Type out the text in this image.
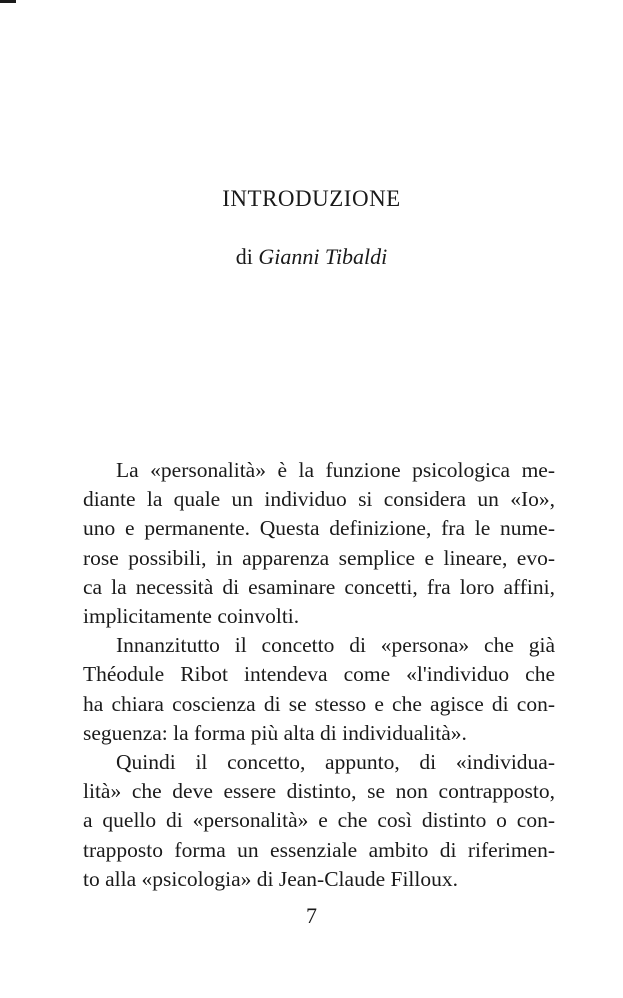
INTRODUZIONE
di Gianni Tibaldi
La «personalità» è la funzione psicologica me-
diante la quale un individuo si considera un «Io»,
uno e permanente. Questa definizione, fra le nume-
rose possibili, in apparenza semplice e lineare, evo-
ca la necessità di esaminare concetti, fra loro affini,
implicitamente coinvolti.
Innanzitutto il concetto di «persona» che già
Théodule Ribot intendeva come «l'individuo che
ha chiara coscienza di se stesso e che agisce di con-
seguenza: la forma più alta di individualità».
Quindi il concetto, appunto, di «individua-
lità» che deve essere distinto, se non contrapposto,
a quello di «personalità» e che così distinto o con-
trapposto forma un essenziale ambito di riferimen-
to alla «psicologia» di Jean-Claude Filloux.
7
